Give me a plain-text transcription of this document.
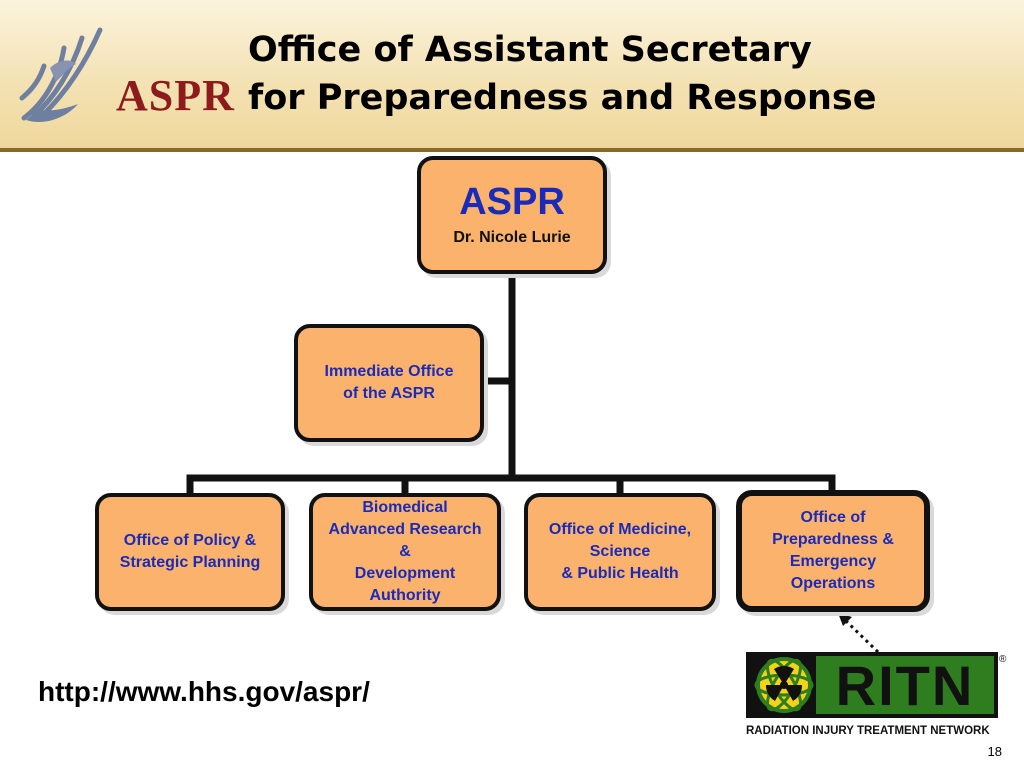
ASPR
Office of Assistant Secretary
for Preparedness and Response
ASPR
Dr. Nicole Lurie
Immediate Office
of the ASPR
Office of Policy &
Strategic Planning
Biomedical
Advanced Research
&
Development
Authority
Office of Medicine,
Science
& Public Health
Office of
Preparedness &
Emergency
Operations
http://www.hhs.gov/aspr/	RITN ®
RADIATION INJURY TREATMENT NETWORK
18
